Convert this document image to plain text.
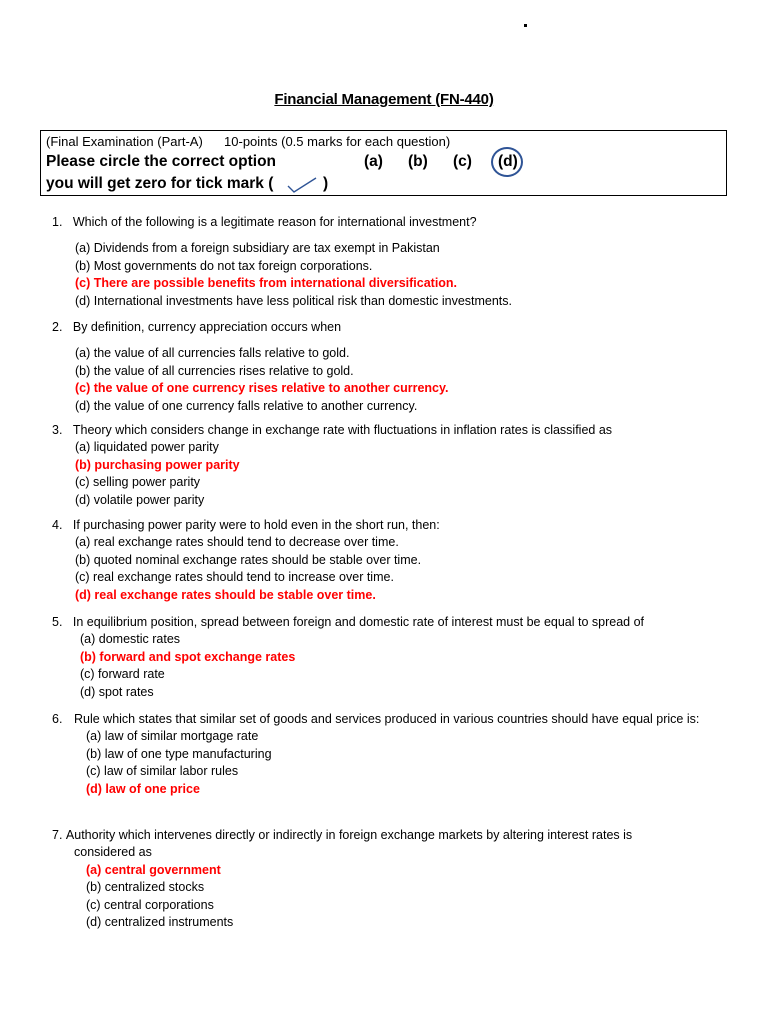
Financial Management (FN-440)
(Final Examination (Part-A) 10-points (0.5 marks for each question)
Please circle the correct option	(a) (b) (c) (d)
you will get zero for tick mark (	)
1. Which of the following is a legitimate reason for international investment?
(a) Dividends from a foreign subsidiary are tax exempt in Pakistan
(b) Most governments do not tax foreign corporations.
(c) There are possible benefits from international diversification.
(d) International investments have less political risk than domestic investments.
2. By definition, currency appreciation occurs when
(a) the value of all currencies falls relative to gold.
(b) the value of all currencies rises relative to gold.
(c) the value of one currency rises relative to another currency.
(d) the value of one currency falls relative to another currency.
3. Theory which considers change in exchange rate with fluctuations in inflation rates is classified as
(a) liquidated power parity
(b) purchasing power parity
(c) selling power parity
(d) volatile power parity
4. If purchasing power parity were to hold even in the short run, then:
(a) real exchange rates should tend to decrease over time.
(b) quoted nominal exchange rates should be stable over time.
(c) real exchange rates should tend to increase over time.
(d) real exchange rates should be stable over time.
5. In equilibrium position, spread between foreign and domestic rate of interest must be equal to spread of
(a) domestic rates
(b) forward and spot exchange rates
(c) forward rate
(d) spot rates
6. Rule which states that similar set of goods and services produced in various countries should have equal price is:
(a) law of similar mortgage rate
(b) law of one type manufacturing
(c) law of similar labor rules
(d) law of one price
7. Authority which intervenes directly or indirectly in foreign exchange markets by altering interest rates is considered as
(a) central government
(b) centralized stocks
(c) central corporations
(d) centralized instruments
